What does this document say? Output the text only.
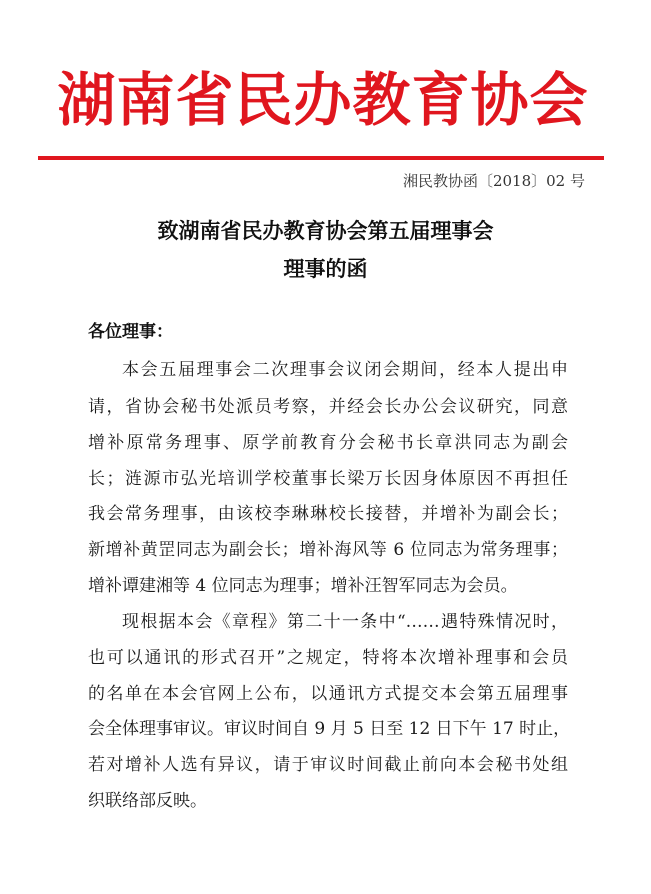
湖南省民办教育协会
湘民教协函〔2018〕02 号
致湖南省民办教育协会第五届理事会
理事的函
各位理事：
本会五届理事会二次理事会议闭会期间，经本人提出申
请，省协会秘书处派员考察，并经会长办公会议研究，同意
增补原常务理事、原学前教育分会秘书长章洪同志为副会
长；涟源市弘光培训学校董事长梁万长因身体原因不再担任
我会常务理事，由该校李琳琳校长接替，并增补为副会长；
新增补黄罡同志为副会长；增补海风等 6 位同志为常务理事；
增补谭建湘等 4 位同志为理事；增补汪智军同志为会员。
现根据本会《章程》第二十一条中“……遇特殊情况时，
也可以通讯的形式召开”之规定，特将本次增补理事和会员
的名单在本会官网上公布，以通讯方式提交本会第五届理事
会全体理事审议。审议时间自 9 月 5 日至 12 日下午 17 时止，
若对增补人选有异议，请于审议时间截止前向本会秘书处组
织联络部反映。
